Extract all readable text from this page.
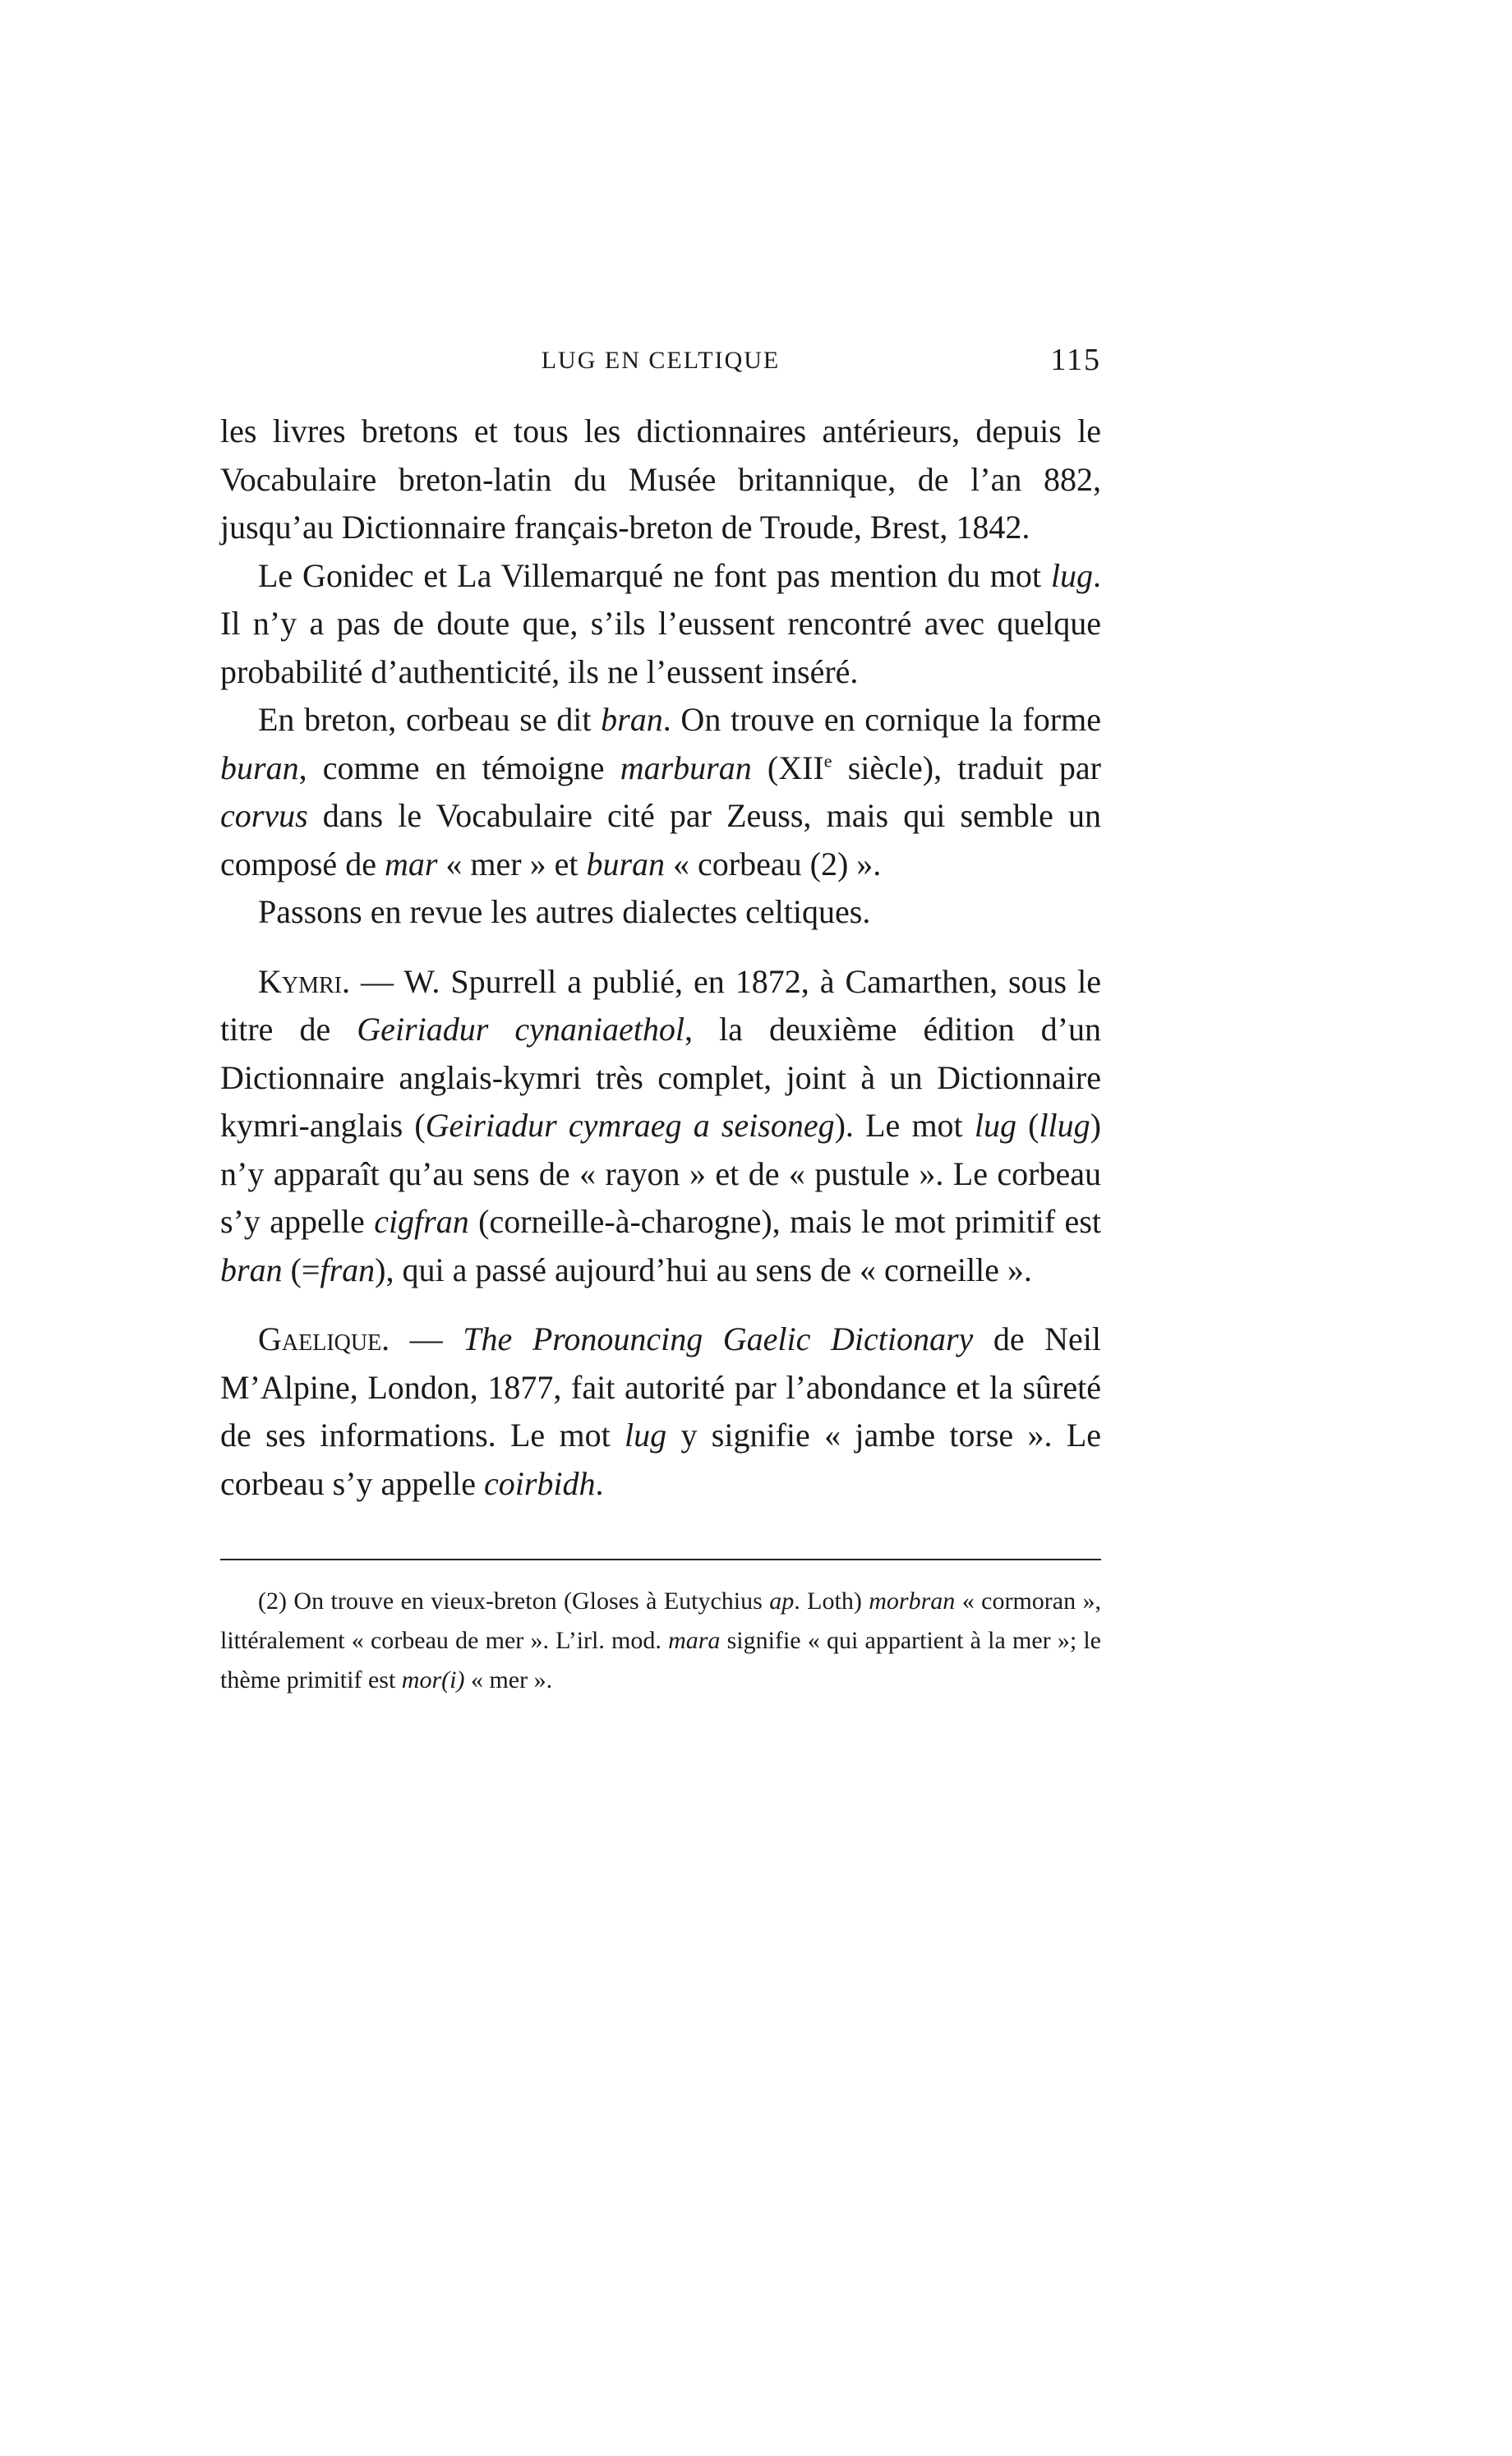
LUG EN CELTIQUE	115

les livres bretons et tous les dictionnaires antérieurs, depuis le Vocabulaire breton-latin du Musée britannique, de l’an 882, jusqu’au Dictionnaire français-breton de Troude, Brest, 1842.

Le Gonidec et La Villemarqué ne font pas mention du mot lug. Il n’y a pas de doute que, s’ils l’eussent rencontré avec quelque probabilité d’authenticité, ils ne l’eussent inséré.

En breton, corbeau se dit bran. On trouve en cornique la forme buran, comme en témoigne marburan (XIIe siècle), traduit par corvus dans le Vocabulaire cité par Zeuss, mais qui semble un composé de mar « mer » et buran « corbeau (2) ».

Passons en revue les autres dialectes celtiques.

Kymri. — W. Spurrell a publié, en 1872, à Camarthen, sous le titre de Geiriadur cynaniaethol, la deuxième édition d’un Dictionnaire anglais-kymri très complet, joint à un Dictionnaire kymri-anglais (Geiriadur cymraeg a seisoneg). Le mot lug (llug) n’y apparaît qu’au sens de « rayon » et de « pustule ». Le corbeau s’y appelle cigfran (corneille-à-charogne), mais le mot primitif est bran (=fran), qui a passé aujourd’hui au sens de « corneille ».

Gaelique. — The Pronouncing Gaelic Dictionary de Neil M’Alpine, London, 1877, fait autorité par l’abondance et la sûreté de ses informations. Le mot lug y signifie « jambe torse ». Le corbeau s’y appelle coirbidh.

(2) On trouve en vieux-breton (Gloses à Eutychius ap. Loth) morbran « cormoran », littéralement « corbeau de mer ». L’irl. mod. mara signifie « qui appartient à la mer »; le thème primitif est mor(i) « mer ».
